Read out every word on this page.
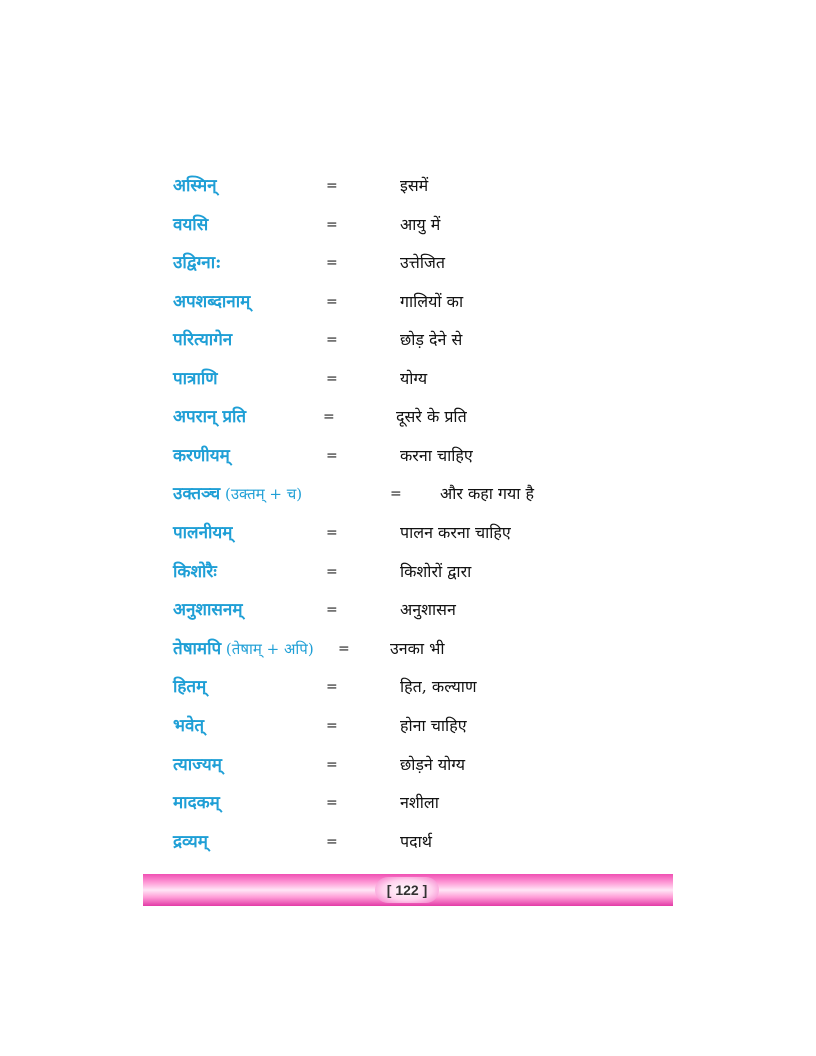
अस्मिन्	=	इसमें
वयसि	=	आयु में
उद्विग्ना:	=	उत्तेजित
अपशब्दानाम्	=	गालियों का
परित्यागेन	=	छोड़ देने से
पात्राणि	=	योग्य
अपरान् प्रति	=	दूसरे के प्रति
करणीयम्	=	करना चाहिए
उक्तञ्च (उक्तम् + च)	= और कहा गया है
पालनीयम्	=	पालन करना चाहिए
किशोरैः	=	किशोरों द्वारा
अनुशासनम्	=	अनुशासन
तेषामपि (तेषाम् + अपि) =	उनका भी
हितम्	=	हित, कल्याण
भवेत्	=	होना चाहिए
त्याज्यम्	=	छोड़ने योग्य
मादकम्	=	नशीला
द्रव्यम्	=	पदार्थ
[ 122 ]
